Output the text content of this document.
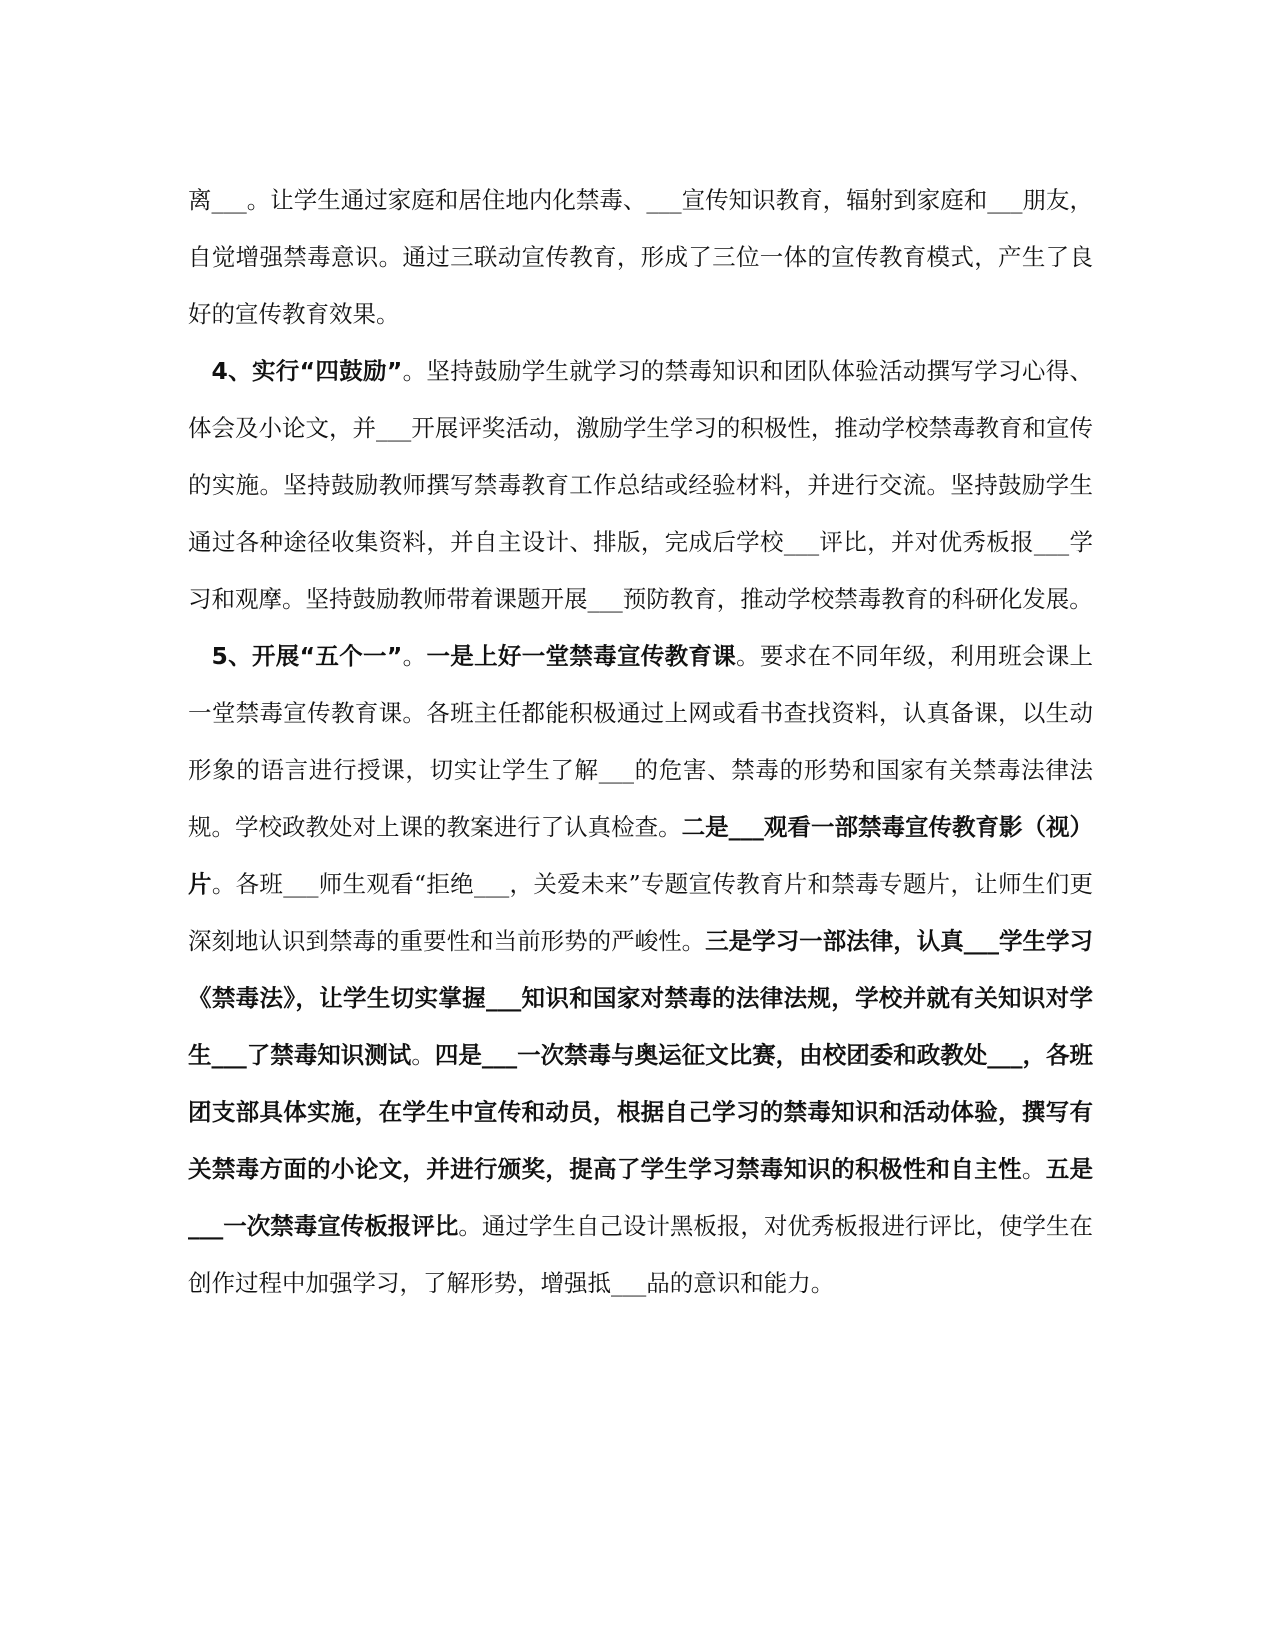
离___。让学生通过家庭和居住地内化禁毒、___宣传知识教育，辐射到家庭和___朋友，自觉增强禁毒意识。通过三联动宣传教育，形成了三位一体的宣传教育模式，产生了良好的宣传教育效果。

4、实行“四鼓励”。坚持鼓励学生就学习的禁毒知识和团队体验活动撰写学习心得、体会及小论文，并___开展评奖活动，激励学生学习的积极性，推动学校禁毒教育和宣传的实施。坚持鼓励教师撰写禁毒教育工作总结或经验材料，并进行交流。坚持鼓励学生通过各种途径收集资料，并自主设计、排版，完成后学校___评比，并对优秀板报___学习和观摩。坚持鼓励教师带着课题开展___预防教育，推动学校禁毒教育的科研化发展。

5、开展“五个一”。一是上好一堂禁毒宣传教育课。要求在不同年级，利用班会课上一堂禁毒宣传教育课。各班主任都能积极通过上网或看书查找资料，认真备课，以生动形象的语言进行授课，切实让学生了解___的危害、禁毒的形势和国家有关禁毒法律法规。学校政教处对上课的教案进行了认真检查。二是___观看一部禁毒宣传教育影（视）片。各班___师生观看“拒绝___，关爱未来”专题宣传教育片和禁毒专题片，让师生们更深刻地认识到禁毒的重要性和当前形势的严峻性。三是学习一部法律，认真___学生学习《禁毒法》，让学生切实掌握___知识和国家对禁毒的法律法规，学校并就有关知识对学生___了禁毒知识测试。四是___一次禁毒与奥运征文比赛，由校团委和政教处___，各班团支部具体实施，在学生中宣传和动员，根据自己学习的禁毒知识和活动体验，撰写有关禁毒方面的小论文，并进行颁奖，提高了学生学习禁毒知识的积极性和自主性。五是___一次禁毒宣传板报评比。通过学生自己设计黑板报，对优秀板报进行评比，使学生在创作过程中加强学习，了解形势，增强抵___品的意识和能力。
